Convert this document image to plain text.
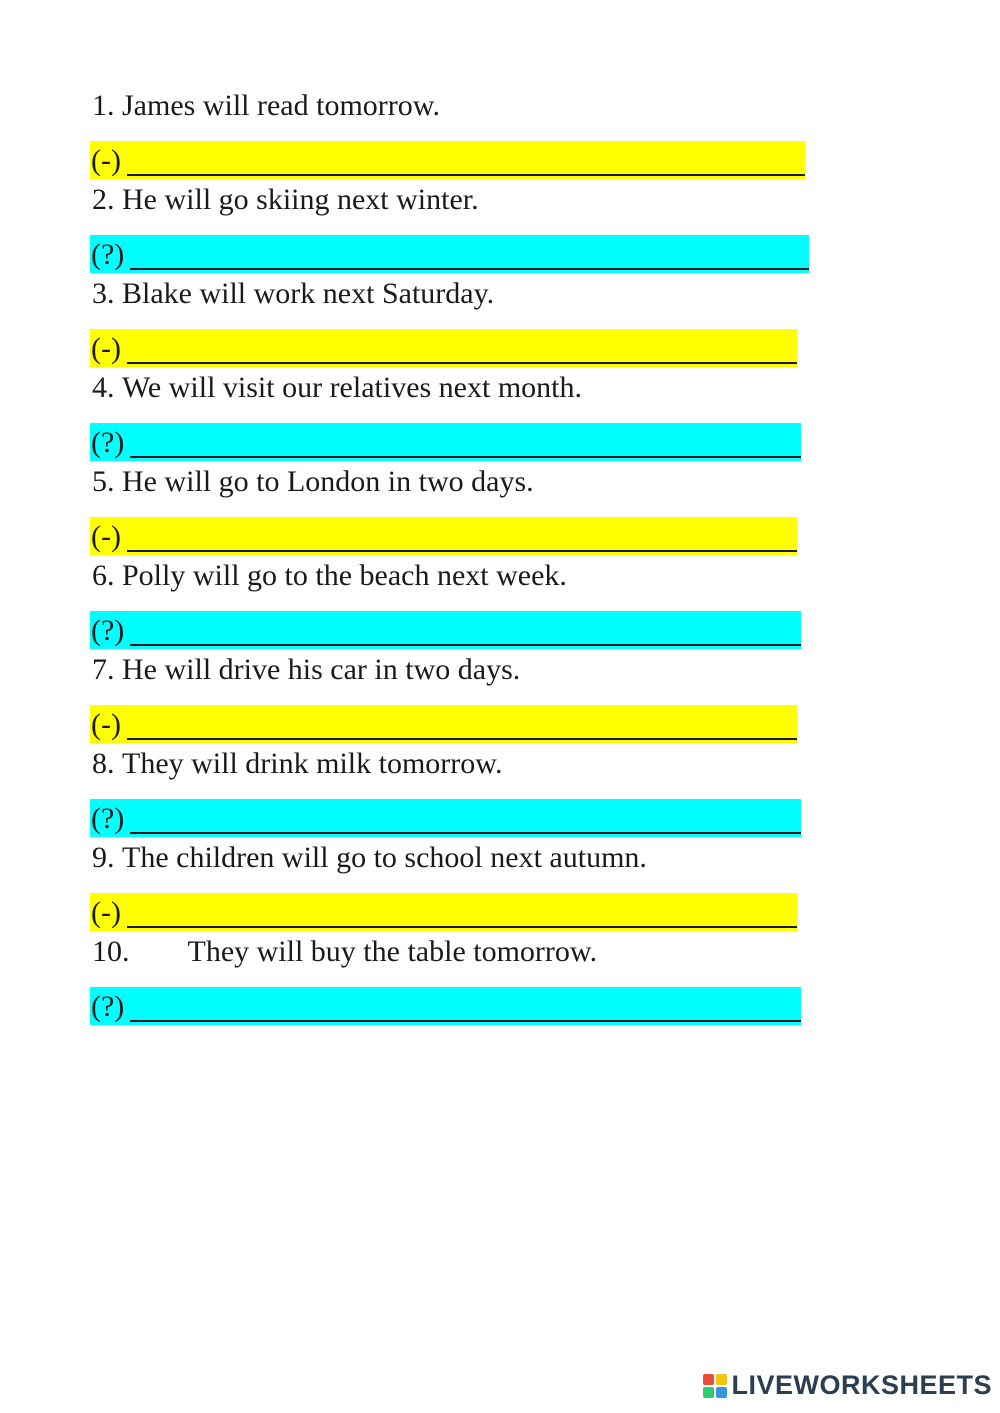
1. James will read tomorrow.
(-)
2. He will go skiing next winter.
(?)
3. Blake will work next Saturday.
(-)
4. We will visit our relatives next month.
(?)
5. He will go to London in two days.
(-)
6. Polly will go to the beach next week.
(?)
7. He will drive his car in two days.
(-)
8. They will drink milk tomorrow.
(?)
9. The children will go to school next autumn.
(-)
10. They will buy the table tomorrow.
(?)
LIVEWORKSHEETS
